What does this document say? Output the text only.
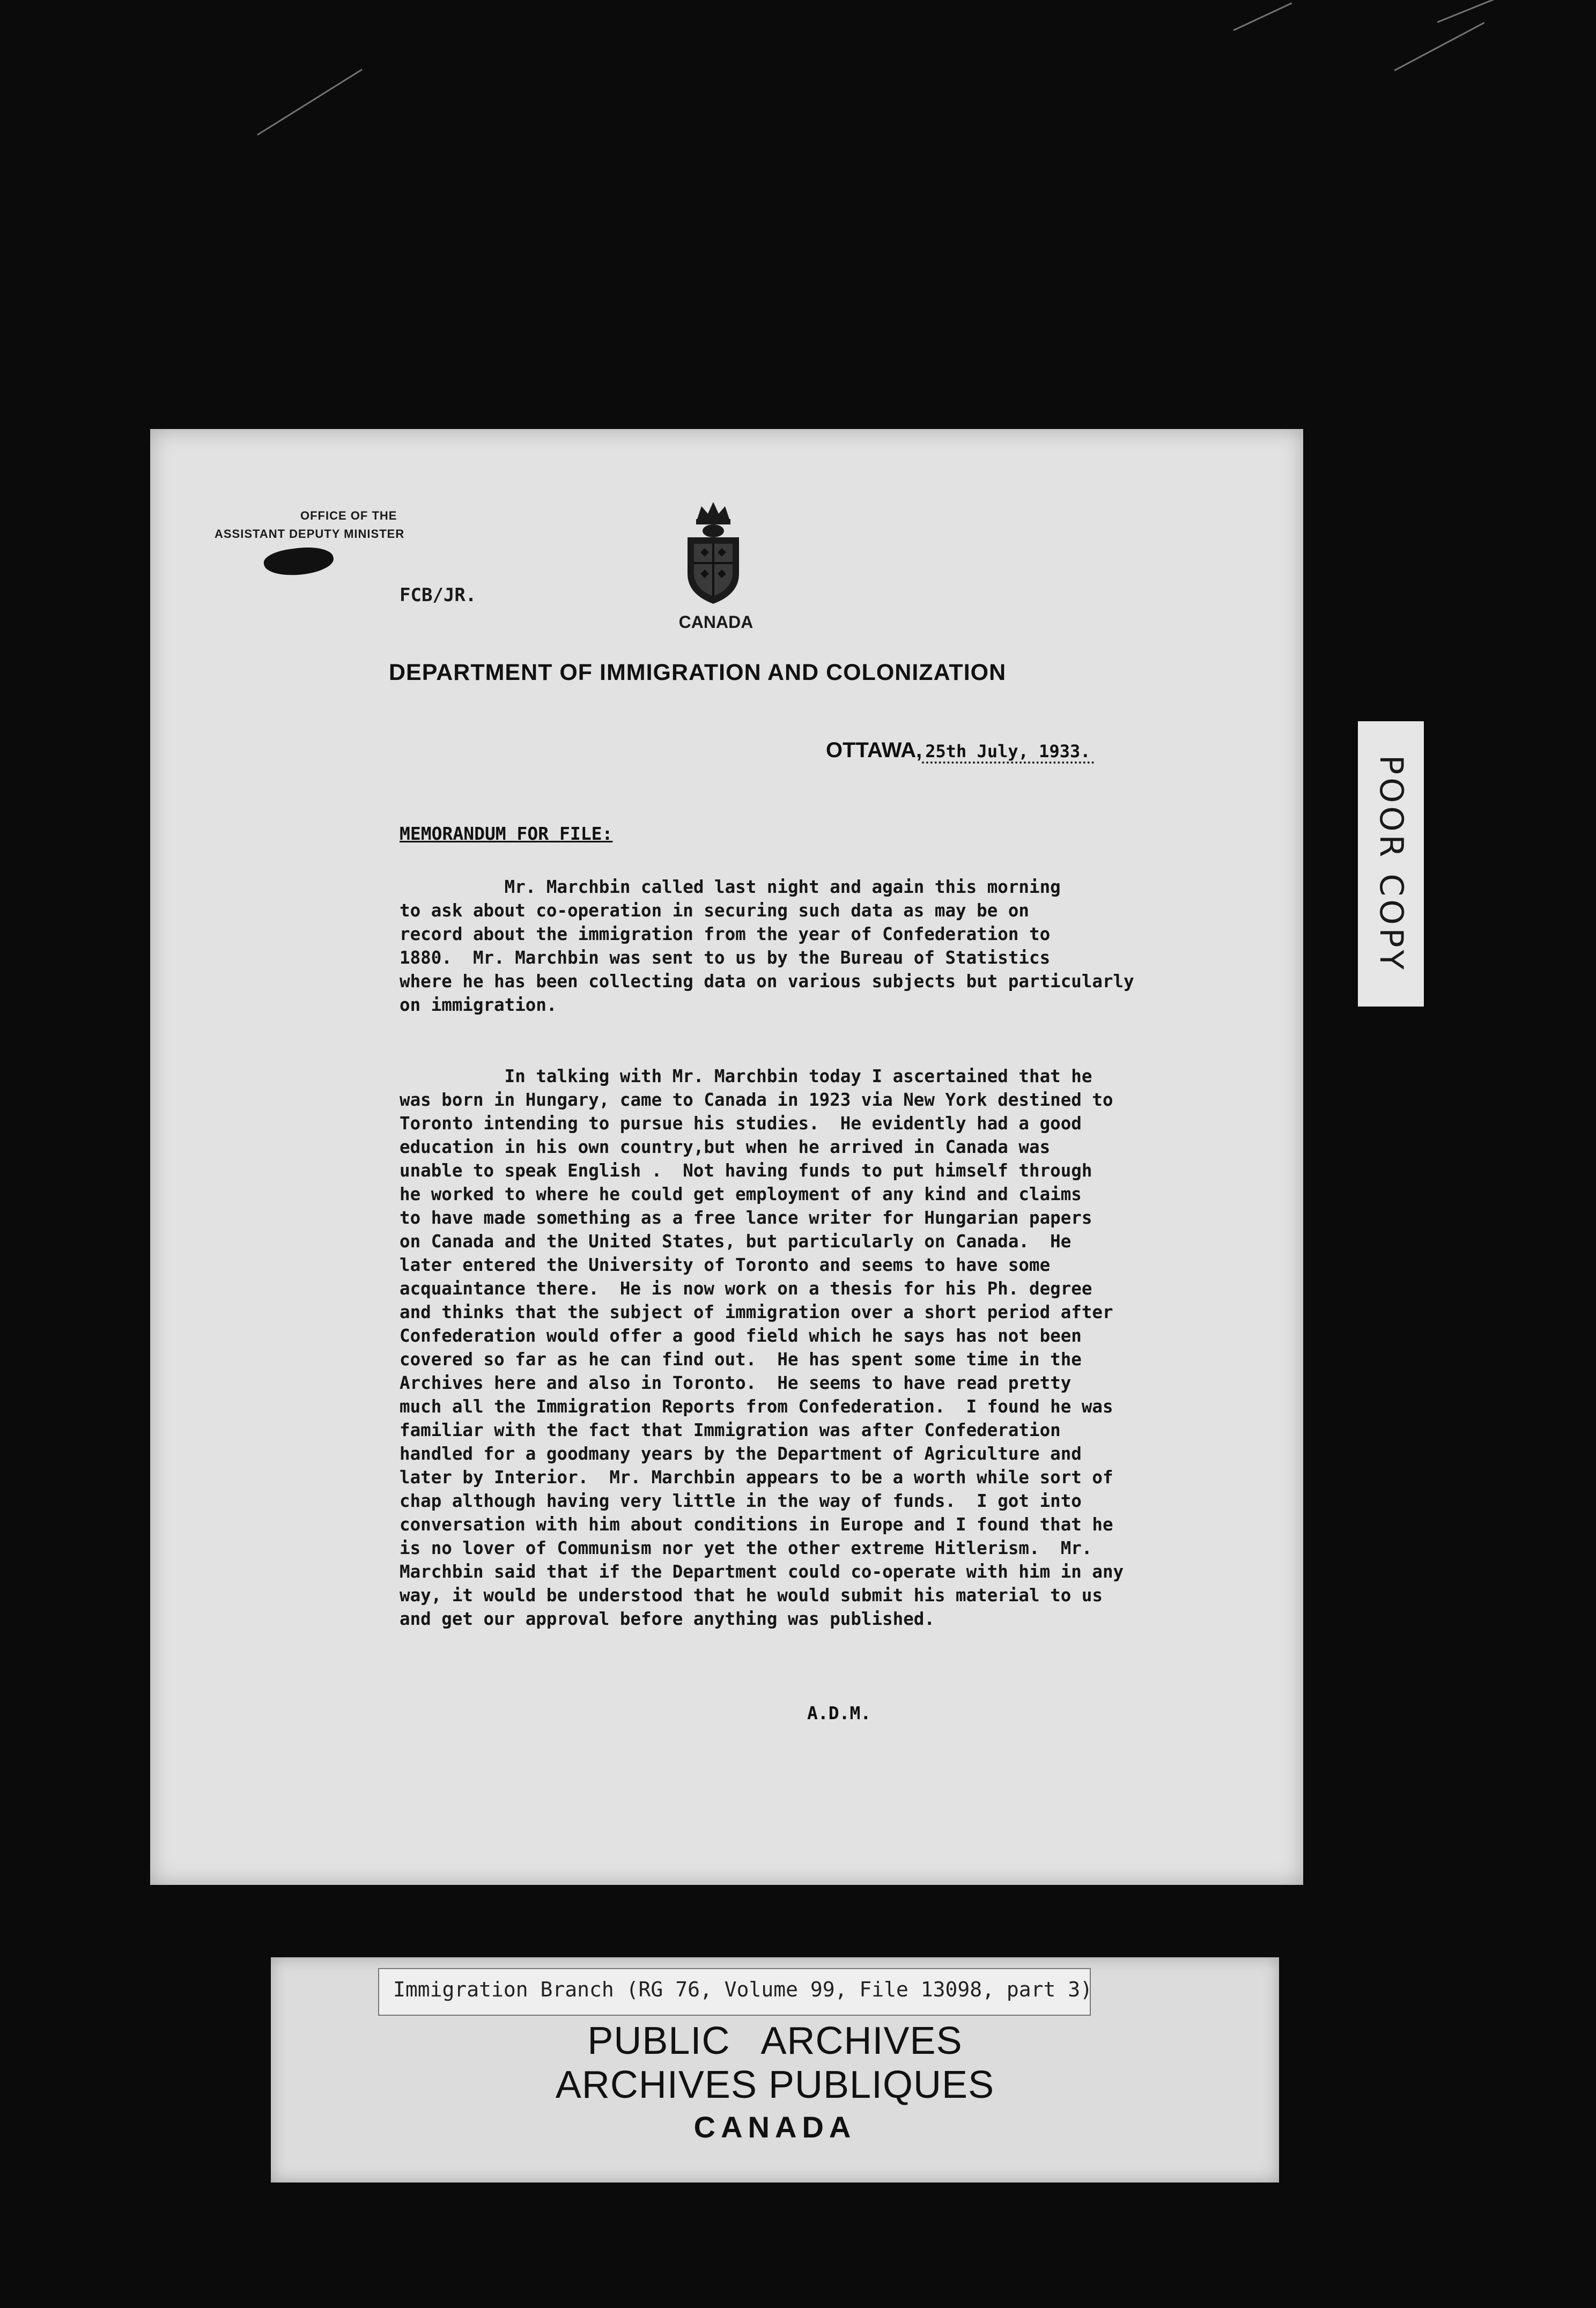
OFFICE OF THE
ASSISTANT DEPUTY MINISTER
FCB/JR.
CANADA
DEPARTMENT OF IMMIGRATION AND COLONIZATION
OTTAWA, 25th July, 1933.
MEMORANDUM FOR FILE:
Mr. Marchbin called last night and again this morning
to ask about co-operation in securing such data as may be on
record about the immigration from the year of Confederation to
1880.  Mr. Marchbin was sent to us by the Bureau of Statistics
where he has been collecting data on various subjects but particularly
on immigration.
In talking with Mr. Marchbin today I ascertained that he
was born in Hungary, came to Canada in 1923 via New York destined to
Toronto intending to pursue his studies.  He evidently had a good
education in his own country,but when he arrived in Canada was
unable to speak English .  Not having funds to put himself through
he worked to where he could get employment of any kind and claims
to have made something as a free lance writer for Hungarian papers
on Canada and the United States, but particularly on Canada.  He
later entered the University of Toronto and seems to have some
acquaintance there.  He is now work on a thesis for his Ph. degree
and thinks that the subject of immigration over a short period after
Confederation would offer a good field which he says has not been
covered so far as he can find out.  He has spent some time in the
Archives here and also in Toronto.  He seems to have read pretty
much all the Immigration Reports from Confederation.  I found he was
familiar with the fact that Immigration was after Confederation
handled for a goodmany years by the Department of Agriculture and
later by Interior.  Mr. Marchbin appears to be a worth while sort of
chap although having very little in the way of funds.  I got into
conversation with him about conditions in Europe and I found that he
is no lover of Communism nor yet the other extreme Hitlerism.  Mr.
Marchbin said that if the Department could co-operate with him in any
way, it would be understood that he would submit his material to us
and get our approval before anything was published.
A.D.M.
POOR COPY
Immigration Branch (RG 76, Volume 99, File 13098, part 3)
PUBLIC ARCHIVES
ARCHIVES PUBLIQUES
CANADA
